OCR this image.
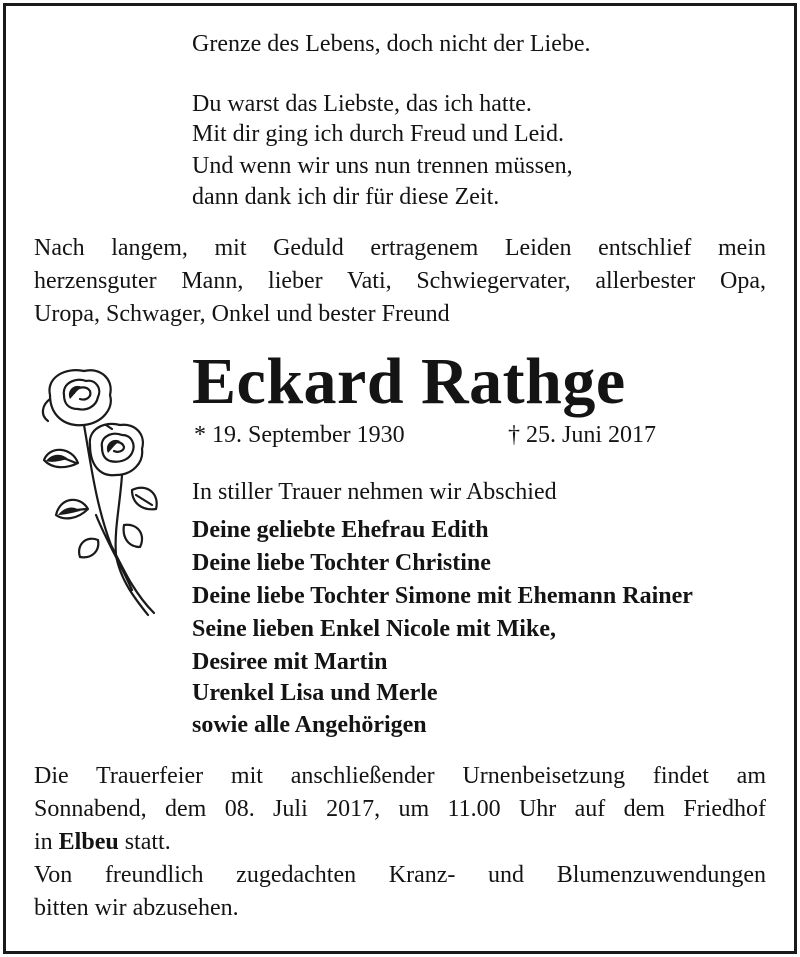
Grenze des Lebens, doch nicht der Liebe.
Du warst das Liebste, das ich hatte.
Mit dir ging ich durch Freud und Leid.
Und wenn wir uns nun trennen müssen,
dann dank ich dir für diese Zeit.
Nach langem, mit Geduld ertragenem Leiden entschlief mein
herzensguter Mann, lieber Vati, Schwiegervater, allerbester Opa,
Uropa, Schwager, Onkel und bester Freund
Eckard Rathge
* 19. September 1930	† 25. Juni 2017
In stiller Trauer nehmen wir Abschied
Deine geliebte Ehefrau Edith
Deine liebe Tochter Christine
Deine liebe Tochter Simone mit Ehemann Rainer
Seine lieben Enkel Nicole mit Mike,
Desiree mit Martin
Urenkel Lisa und Merle
sowie alle Angehörigen
Die Trauerfeier mit anschließender Urnenbeisetzung findet am
Sonnabend, dem 08. Juli 2017, um 11.00 Uhr auf dem Friedhof
in Elbeu statt.
Von freundlich zugedachten Kranz- und Blumenzuwendungen
bitten wir abzusehen.
